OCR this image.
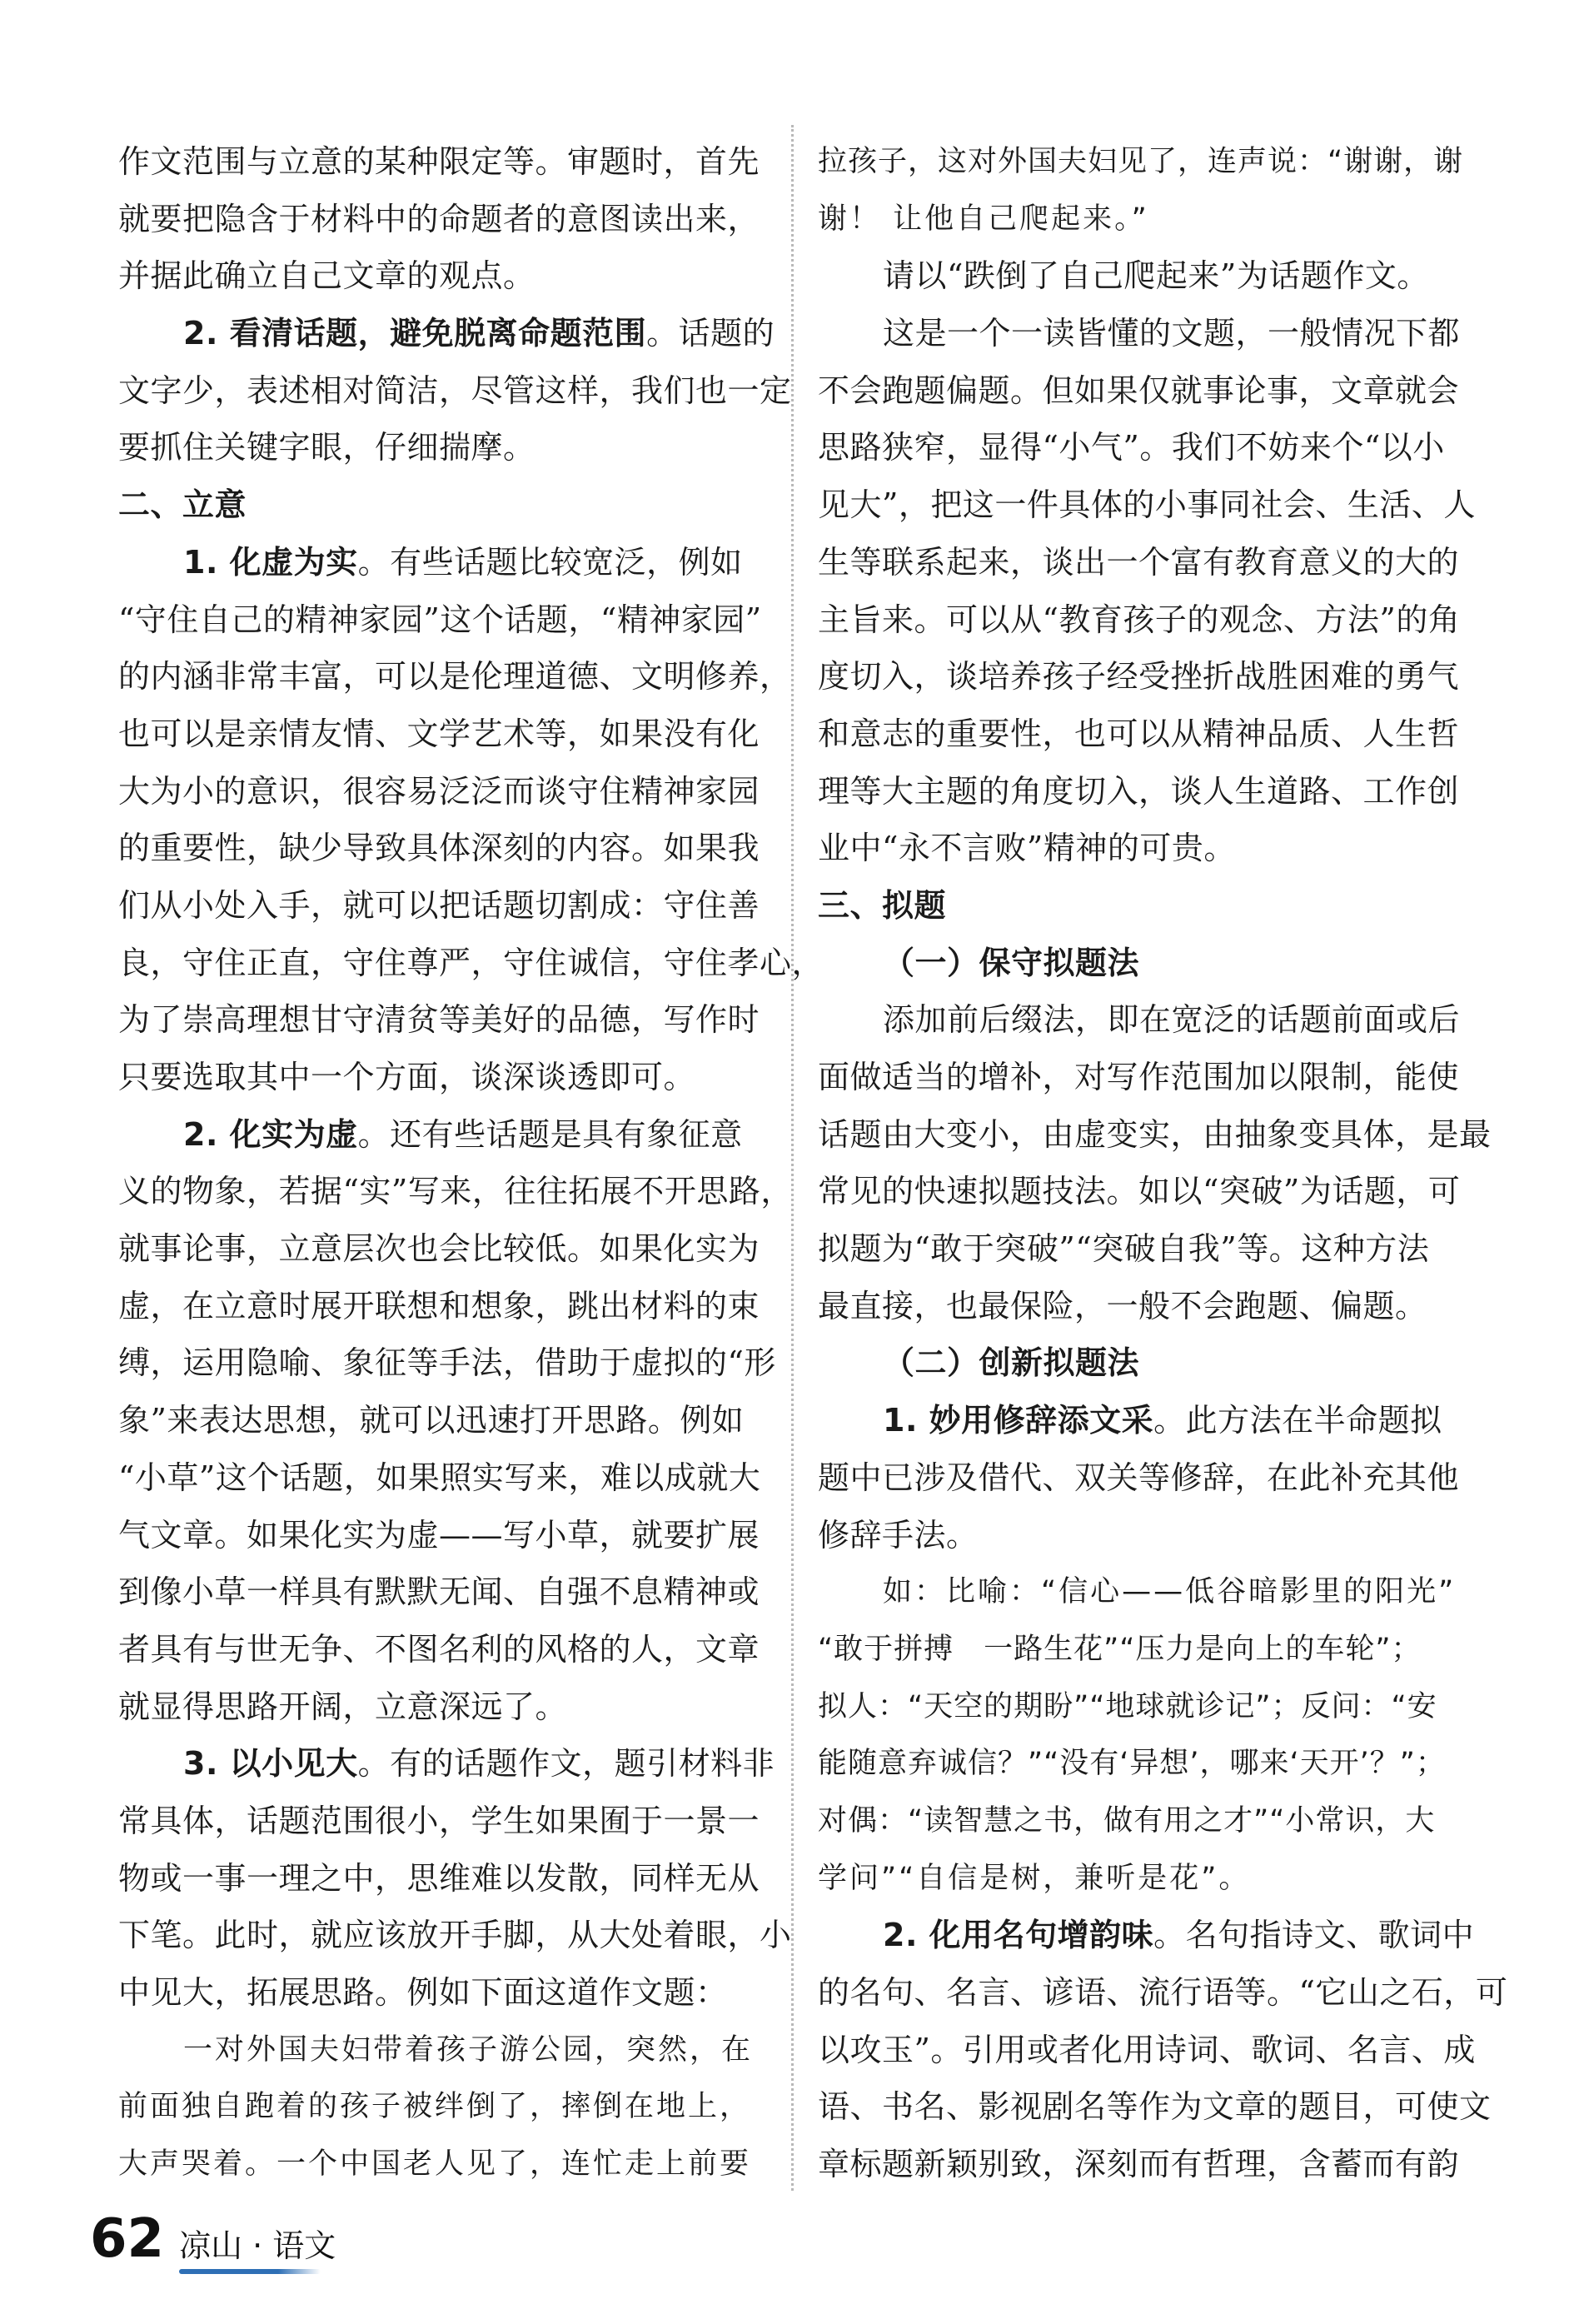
作文范围与立意的某种限定等。审题时，首先
就要把隐含于材料中的命题者的意图读出来，
并据此确立自己文章的观点。
2. 看清话题，避免脱离命题范围。话题的
文字少，表述相对简洁，尽管这样，我们也一定
要抓住关键字眼，仔细揣摩。
二、立意
1. 化虚为实。有些话题比较宽泛，例如
“守住自己的精神家园”这个话题，“精神家园”
的内涵非常丰富，可以是伦理道德、文明修养，
也可以是亲情友情、文学艺术等，如果没有化
大为小的意识，很容易泛泛而谈守住精神家园
的重要性，缺少导致具体深刻的内容。如果我
们从小处入手，就可以把话题切割成：守住善
良，守住正直，守住尊严，守住诚信，守住孝心，
为了崇高理想甘守清贫等美好的品德，写作时
只要选取其中一个方面，谈深谈透即可。
2. 化实为虚。还有些话题是具有象征意
义的物象，若据“实”写来，往往拓展不开思路，
就事论事，立意层次也会比较低。如果化实为
虚，在立意时展开联想和想象，跳出材料的束
缚，运用隐喻、象征等手法，借助于虚拟的“形
象”来表达思想，就可以迅速打开思路。例如
“小草”这个话题，如果照实写来，难以成就大
气文章。如果化实为虚——写小草，就要扩展
到像小草一样具有默默无闻、自强不息精神或
者具有与世无争、不图名利的风格的人，文章
就显得思路开阔，立意深远了。
3. 以小见大。有的话题作文，题引材料非
常具体，话题范围很小，学生如果囿于一景一
物或一事一理之中，思维难以发散，同样无从
下笔。此时，就应该放开手脚，从大处着眼，小
中见大，拓展思路。例如下面这道作文题：
一对外国夫妇带着孩子游公园，突然，在
前面独自跑着的孩子被绊倒了，摔倒在地上，
大声哭着。一个中国老人见了，连忙走上前要
拉孩子，这对外国夫妇见了，连声说：“谢谢，谢
谢！ 让他自己爬起来。”
请以“跌倒了自己爬起来”为话题作文。
这是一个一读皆懂的文题，一般情况下都
不会跑题偏题。但如果仅就事论事，文章就会
思路狭窄，显得“小气”。我们不妨来个“以小
见大”，把这一件具体的小事同社会、生活、人
生等联系起来，谈出一个富有教育意义的大的
主旨来。可以从“教育孩子的观念、方法”的角
度切入，谈培养孩子经受挫折战胜困难的勇气
和意志的重要性，也可以从精神品质、人生哲
理等大主题的角度切入，谈人生道路、工作创
业中“永不言败”精神的可贵。
三、拟题
（一）保守拟题法
添加前后缀法，即在宽泛的话题前面或后
面做适当的增补，对写作范围加以限制，能使
话题由大变小，由虚变实，由抽象变具体，是最
常见的快速拟题技法。如以“突破”为话题，可
拟题为“敢于突破”“突破自我”等。这种方法
最直接，也最保险，一般不会跑题、偏题。
（二）创新拟题法
1. 妙用修辞添文采。此方法在半命题拟
题中已涉及借代、双关等修辞，在此补充其他
修辞手法。
如：比喻：“信心——低谷暗影里的阳光”
“敢于拼搏　一路生花”“压力是向上的车轮”；
拟人：“天空的期盼”“地球就诊记”；反问：“安
能随意弃诚信？”“没有‘异想’，哪来‘天开’？”；
对偶：“读智慧之书，做有用之才”“小常识，大
学问”“自信是树，兼听是花”。
2. 化用名句增韵味。名句指诗文、歌词中
的名句、名言、谚语、流行语等。“它山之石，可
以攻玉”。引用或者化用诗词、歌词、名言、成
语、书名、影视剧名等作为文章的题目，可使文
章标题新颖别致，深刻而有哲理，含蓄而有韵
62 凉山 · 语文
